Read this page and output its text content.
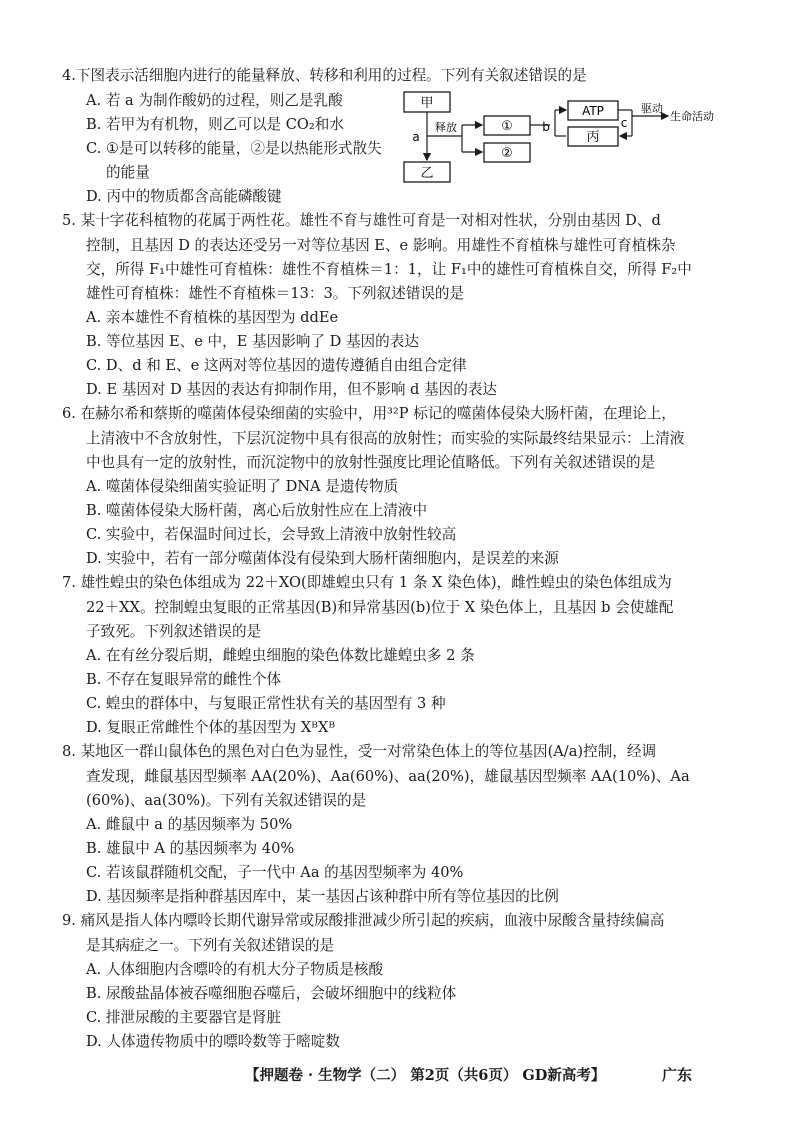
4.下图表示活细胞内进行的能量释放、转移和利用的过程。下列有关叙述错误的是
A. 若 a 为制作酸奶的过程，则乙是乳酸
B. 若甲为有机物，则乙可以是 CO₂和水
C. ①是可以转移的能量，②是以热能形式散失
的能量
D. 丙中的物质都含高能磷酸键
甲
a
乙
释放	①
②
b
ATP
丙
c
驱动
生命活动
5. 某十字花科植物的花属于两性花。雄性不育与雄性可育是一对相对性状，分别由基因 D、d
控制，且基因 D 的表达还受另一对等位基因 E、e 影响。用雄性不育植株与雄性可育植株杂
交，所得 F₁中雄性可育植株：雄性不育植株＝1：1，让 F₁中的雄性可育植株自交，所得 F₂中
雄性可育植株：雄性不育植株＝13：3。下列叙述错误的是
A. 亲本雄性不育植株的基因型为 ddEe
B. 等位基因 E、e 中，E 基因影响了 D 基因的表达
C. D、d 和 E、e 这两对等位基因的遗传遵循自由组合定律
D. E 基因对 D 基因的表达有抑制作用，但不影响 d 基因的表达
6. 在赫尔希和蔡斯的噬菌体侵染细菌的实验中，用³²P 标记的噬菌体侵染大肠杆菌，在理论上，
上清液中不含放射性，下层沉淀物中具有很高的放射性；而实验的实际最终结果显示：上清液
中也具有一定的放射性，而沉淀物中的放射性强度比理论值略低。下列有关叙述错误的是
A. 噬菌体侵染细菌实验证明了 DNA 是遗传物质
B. 噬菌体侵染大肠杆菌，离心后放射性应在上清液中
C. 实验中，若保温时间过长，会导致上清液中放射性较高
D. 实验中，若有一部分噬菌体没有侵染到大肠杆菌细胞内，是误差的来源
7. 雄性蝗虫的染色体组成为 22＋XO(即雄蝗虫只有 1 条 X 染色体)，雌性蝗虫的染色体组成为
22＋XX。控制蝗虫复眼的正常基因(B)和异常基因(b)位于 X 染色体上，且基因 b 会使雄配
子致死。下列叙述错误的是
A. 在有丝分裂后期，雌蝗虫细胞的染色体数比雄蝗虫多 2 条
B. 不存在复眼异常的雌性个体
C. 蝗虫的群体中，与复眼正常性状有关的基因型有 3 种
D. 复眼正常雌性个体的基因型为 XᴮXᴮ
8. 某地区一群山鼠体色的黑色对白色为显性，受一对常染色体上的等位基因(A/a)控制，经调
查发现，雌鼠基因型频率 AA(20%)、Aa(60%)、aa(20%)，雄鼠基因型频率 AA(10%)、Aa
(60%)、aa(30%)。下列有关叙述错误的是
A. 雌鼠中 a 的基因频率为 50%
B. 雄鼠中 A 的基因频率为 40%
C. 若该鼠群随机交配，子一代中 Aa 的基因型频率为 40%
D. 基因频率是指种群基因库中，某一基因占该种群中所有等位基因的比例
9. 痛风是指人体内嘌呤长期代谢异常或尿酸排泄减少所引起的疾病，血液中尿酸含量持续偏高
是其病症之一。下列有关叙述错误的是
A. 人体细胞内含嘌呤的有机大分子物质是核酸
B. 尿酸盐晶体被吞噬细胞吞噬后，会破坏细胞中的线粒体
C. 排泄尿酸的主要器官是肾脏
D. 人体遗传物质中的嘌呤数等于嘧啶数
【押题卷 · 生物学（二） 第2页（共6页） GD新高考】	广东
